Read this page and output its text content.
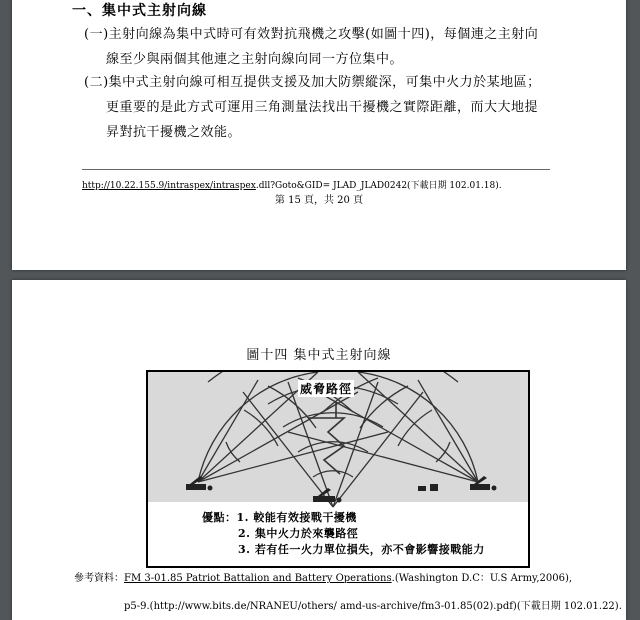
一、集中式主射向線
(一)主射向線為集中式時可有效對抗飛機之攻擊(如圖十四)，每個連之主射向
線至少與兩個其他連之主射向線向同一方位集中。
(二)集中式主射向線可相互提供支援及加大防禦縱深，可集中火力於某地區；
更重要的是此方式可運用三角測量法找出干擾機之實際距離，而大大地提
昇對抗干擾機之效能。
http://10.22.155.9/intraspex/intraspex.dll?Goto&GID= JLAD_JLAD0242(下載日期 102.01.18).
第 15 頁，共 20 頁
圖十四 集中式主射向線
威脅路徑
優點：1. 較能有效接戰干擾機
2. 集中火力於來襲路徑
3. 若有任一火力單位損失，亦不會影響接戰能力
參考資料：FM 3-01.85 Patriot Battalion and Battery Operations.(Washington D.C：U.S Army,2006),
p5-9.(http://www.bits.de/NRANEU/others/ amd-us-archive/fm3-01.85(02).pdf)(下載日期 102.01.22).
